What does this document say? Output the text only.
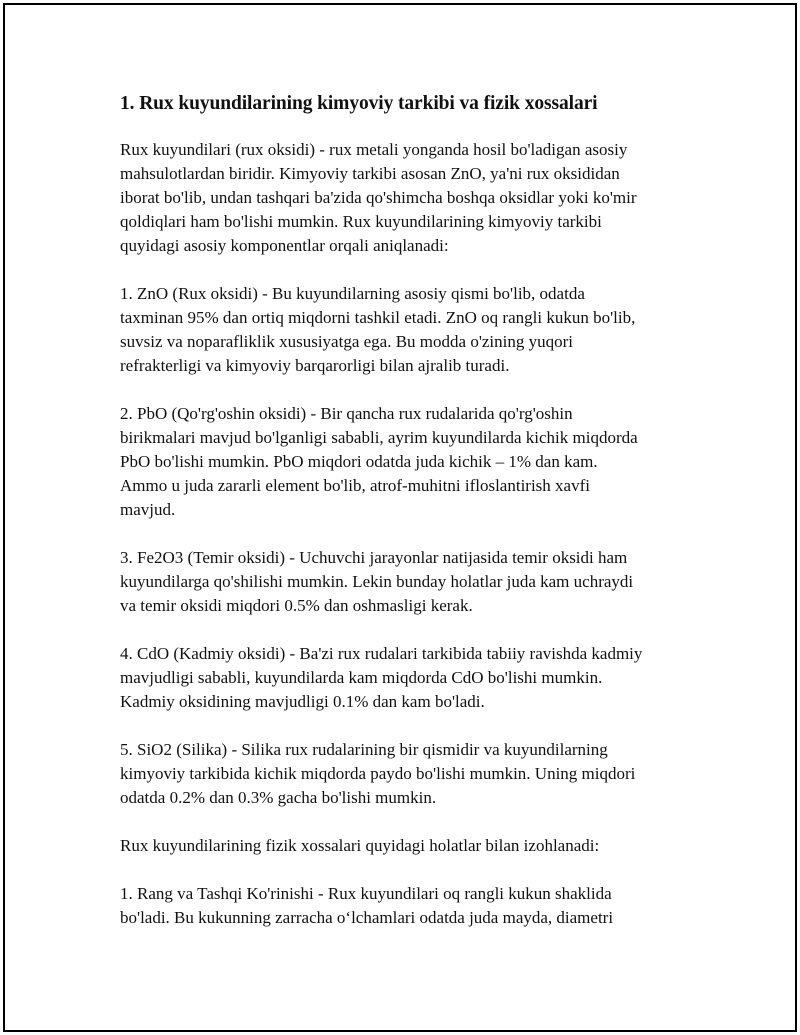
1. Rux kuyundilarining kimyoviy tarkibi va fizik xossalari

Rux kuyundilari (rux oksidi) - rux metali yonganda hosil bo'ladigan asosiy
mahsulotlardan biridir. Kimyoviy tarkibi asosan ZnO, ya'ni rux oksididan
iborat bo'lib, undan tashqari ba'zida qo'shimcha boshqa oksidlar yoki ko'mir
qoldiqlari ham bo'lishi mumkin. Rux kuyundilarining kimyoviy tarkibi
quyidagi asosiy komponentlar orqali aniqlanadi:

1. ZnO (Rux oksidi) - Bu kuyundilarning asosiy qismi bo'lib, odatda
taxminan 95% dan ortiq miqdorni tashkil etadi. ZnO oq rangli kukun bo'lib,
suvsiz va noparafliklik xususiyatga ega. Bu modda o'zining yuqori
refrakterligi va kimyoviy barqarorligi bilan ajralib turadi.

2. PbO (Qo'rg'oshin oksidi) - Bir qancha rux rudalarida qo'rg'oshin
birikmalari mavjud bo'lganligi sababli, ayrim kuyundilarda kichik miqdorda
PbO bo'lishi mumkin. PbO miqdori odatda juda kichik – 1% dan kam.
Ammo u juda zararli element bo'lib, atrof-muhitni ifloslantirish xavfi
mavjud.

3. Fe2O3 (Temir oksidi) - Uchuvchi jarayonlar natijasida temir oksidi ham
kuyundilarga qo'shilishi mumkin. Lekin bunday holatlar juda kam uchraydi
va temir oksidi miqdori 0.5% dan oshmasligi kerak.

4. CdO (Kadmiy oksidi) - Ba'zi rux rudalari tarkibida tabiiy ravishda kadmiy
mavjudligi sababli, kuyundilarda kam miqdorda CdO bo'lishi mumkin.
Kadmiy oksidining mavjudligi 0.1% dan kam bo'ladi.

5. SiO2 (Silika) - Silika rux rudalarining bir qismidir va kuyundilarning
kimyoviy tarkibida kichik miqdorda paydo bo'lishi mumkin. Uning miqdori
odatda 0.2% dan 0.3% gacha bo'lishi mumkin.

Rux kuyundilarining fizik xossalari quyidagi holatlar bilan izohlanadi:

1. Rang va Tashqi Ko'rinishi - Rux kuyundilari oq rangli kukun shaklida
bo'ladi. Bu kukunning zarracha o‘lchamlari odatda juda mayda, diametri
